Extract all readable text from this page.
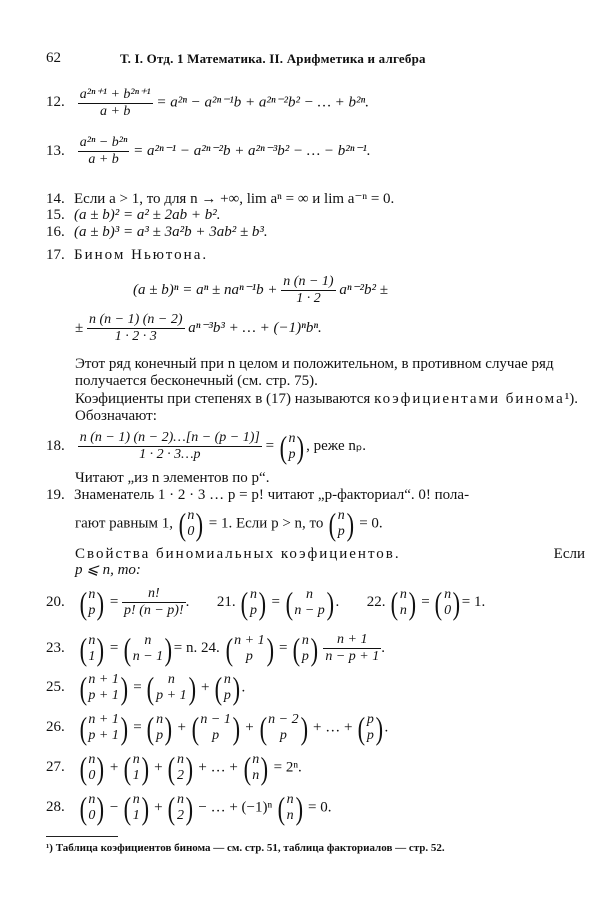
62	Т. I. Отд. 1 Математика. II. Арифметика и алгебра
12. $\frac{\text{a²ⁿ⁺¹ + b²ⁿ⁺¹}}{a + b} = a^{2n} - a^{2n-1}b + a^{2n-2}b^2$ − … + b²ⁿ.
13. $\frac{\text{a²ⁿ − b²ⁿ}}{a + b} = a^{2n-1} - a^{2n-2}b + a^{2n-3}b^2$ − … − b²ⁿ⁻¹.
14. Если a > 1, то для n → +∞, lim aⁿ = ∞ и lim a⁻ⁿ = 0.
15. (a ± b)² = a² ± 2ab + b².
16. (a ± b)³ = a³ ± 3a²b + 3ab² ± b³.
17. Бином Ньютона.
$(a \pm b)^n = a^n \pm na^{n-1}b + \frac{n (n - 1)}{1 \cdot 2} a^{n-2}b^2$ ±
± $\frac{n (n - 1) (n - 2)}{1 \cdot 2 \cdot 3} a^{n-3}b^3$ + … + (−1)ⁿbⁿ.
Этот ряд конечный при n целом и положительном, в противном случае ряд получается бесконечный (см. стр. 75).
Коэфициенты при степенях в (17) называются коэфициентами бинома¹). Обозначают:
18. $\frac{n (n - 1) (n - 2)\dots[n - (p - 1)]}{1 \cdot 2 \cdot 3\dots p}$ = ( n
p ) , реже nₚ.
Читают „из n элементов по p“.
19. Знаменатель 1 · 2 · 3 … p = p! читают „p-факториал“. 0! пола-
гают равным 1, ( n
0 ) = 1. Если p > n, то ( n
p ) = 0.
Свойства биномиальных коэфициентов.	Если
p ⩽ n, то:
20. ( n
p ) = $\frac{n!}{p! (n - p)!}$ . 21. ( n
p ) = ( n
n − p ) . 22. ( n
n ) = ( n
0 ) = 1.
23. ( n
1 ) = ( n
n − 1 ) = n. 24. ( n + 1
p ) = ( n
p )
$\frac{n + 1}{n - p + 1}$ .
25. ( n + 1
p + 1 ) = ( n
p + 1 ) + ( n
p ) .
26. ( n + 1
p + 1 ) = ( n
p ) + ( n − 1
p ) + ( n − 2
p ) + … + ( p
p ) .
27. ( n
0 ) + ( n
1 ) + ( n
2 ) + … + ( n
n ) = 2ⁿ.
28. ( n
0 ) − ( n
1 ) + ( n
2 ) − … + (−1)ⁿ ( n
n ) = 0.
¹) Таблица коэфициентов бинома — см. стр. 51, таблица факториалов — стр. 52.
